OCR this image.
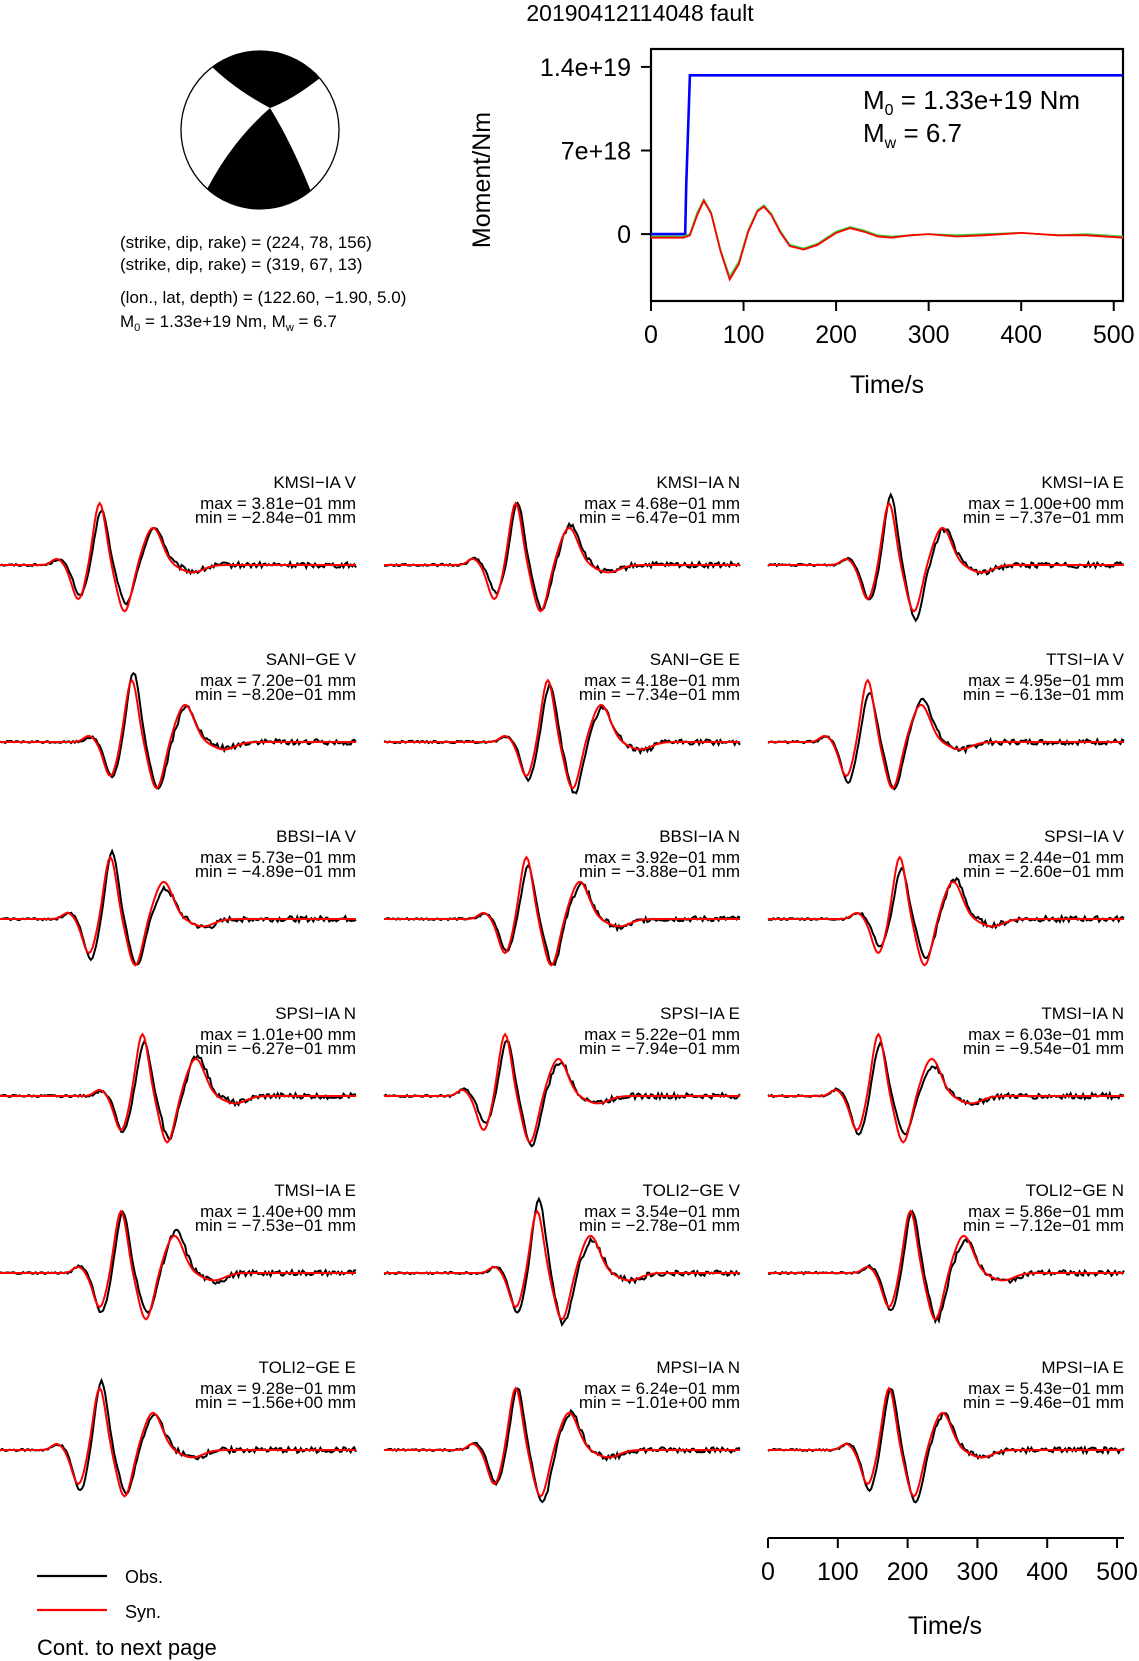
20190412114048 fault
(strike, dip, rake) = (224, 78, 156)
(strike, dip, rake) = (319, 67, 13)
(lon., lat, depth) = (122.60, −1.90, 5.0)
$M_0 = 1.33e+19$ Nm, $M_w = 6.7$
0
7e+18
1.4e+19
0	100 200 300 400 500
Moment/Nm
Time/s
$M_0 = 1.33e+19$ Nm
$M_w = 6.7$
KMSI−IA V
max = 3.81e−01 mm
min = −2.84e−01 mm
KMSI−IA N
max = 4.68e−01 mm
min = −6.47e−01 mm
KMSI−IA E
max = 1.00e+00 mm
min = −7.37e−01 mm
SANI−GE V
max = 7.20e−01 mm
min = −8.20e−01 mm
SANI−GE E
max = 4.18e−01 mm
min = −7.34e−01 mm
TTSI−IA V
max = 4.95e−01 mm
min = −6.13e−01 mm
BBSI−IA V
max = 5.73e−01 mm
min = −4.89e−01 mm
BBSI−IA N
max = 3.92e−01 mm
min = −3.88e−01 mm
SPSI−IA V
max = 2.44e−01 mm
min = −2.60e−01 mm
SPSI−IA N
max = 1.01e+00 mm
min = −6.27e−01 mm
SPSI−IA E
max = 5.22e−01 mm
min = −7.94e−01 mm
TMSI−IA N
max = 6.03e−01 mm
min = −9.54e−01 mm
TMSI−IA E
max = 1.40e+00 mm
min = −7.53e−01 mm
TOLI2−GE V
max = 3.54e−01 mm
min = −2.78e−01 mm
TOLI2−GE N
max = 5.86e−01 mm
min = −7.12e−01 mm
TOLI2−GE E
max = 9.28e−01 mm
min = −1.56e+00 mm
MPSI−IA N
max = 6.24e−01 mm
min = −1.01e+00 mm
MPSI−IA E
max = 5.43e−01 mm
min = −9.46e−01 mm
0 100 200 300 400 500
Time/s
Obs.
Syn.
Cont. to next page
